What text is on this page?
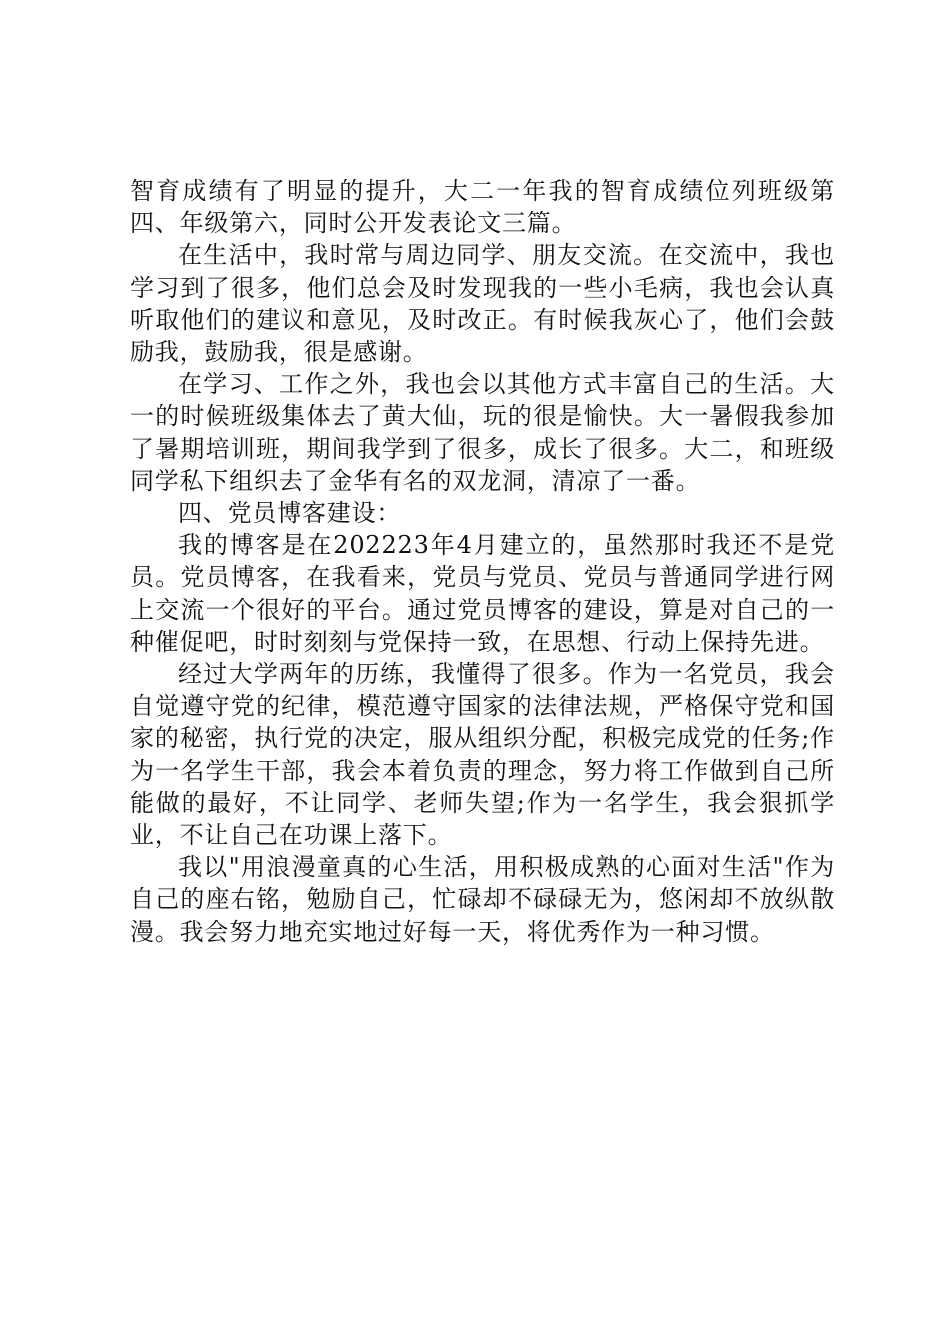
智育成绩有了明显的提升，大二一年我的智育成绩位列班级第四、年级第六，同时公开发表论文三篇。

在生活中，我时常与周边同学、朋友交流。在交流中，我也学习到了很多，他们总会及时发现我的一些小毛病，我也会认真听取他们的建议和意见，及时改正。有时候我灰心了，他们会鼓励我，鼓励我，很是感谢。

在学习、工作之外，我也会以其他方式丰富自己的生活。大一的时候班级集体去了黄大仙，玩的很是愉快。大一暑假我参加了暑期培训班，期间我学到了很多，成长了很多。大二，和班级同学私下组织去了金华有名的双龙洞，清凉了一番。

四、党员博客建设：

我的博客是在202223年4月建立的，虽然那时我还不是党员。党员博客，在我看来，党员与党员、党员与普通同学进行网上交流一个很好的平台。通过党员博客的建设，算是对自己的一种催促吧，时时刻刻与党保持一致，在思想、行动上保持先进。

经过大学两年的历练，我懂得了很多。作为一名党员，我会自觉遵守党的纪律，模范遵守国家的法律法规，严格保守党和国家的秘密，执行党的决定，服从组织分配，积极完成党的任务;作为一名学生干部，我会本着负责的理念，努力将工作做到自己所能做的最好，不让同学、老师失望;作为一名学生，我会狠抓学业，不让自己在功课上落下。

我以"用浪漫童真的心生活，用积极成熟的心面对生活"作为自己的座右铭，勉励自己，忙碌却不碌碌无为，悠闲却不放纵散漫。我会努力地充实地过好每一天，将优秀作为一种习惯。
